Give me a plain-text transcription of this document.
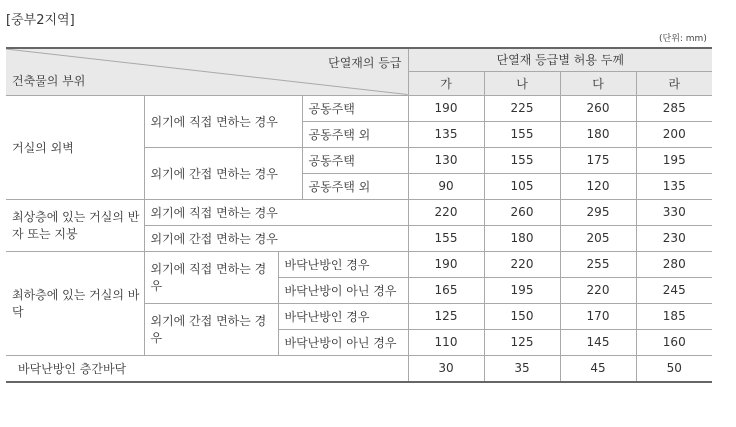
[중부2지역]
(단위: mm)
단열재의 등급
건축물의 부위				단열재 등급별 허용 두께			
				가	나	다	라
거실의 외벽	외기에 직접 면하는 경우		공동주택	190	225	260	285
			공동주택 외	135	155	180	200
	외기에 간접 면하는 경우		공동주택	130	155	175	195
			공동주택 외	90	105	120	135
최상층에 있는 거실의 반자 또는 지붕	외기에 직접 면하는 경우			220	260	295	330
	외기에 간접 면하는 경우			155	180	205	230
최하층에 있는 거실의 바닥	외기에 직접 면하는 경우	바닥난방인 경우		190	220	255	280
		바닥난방이 아닌 경우		165	195	220	245
	외기에 간접 면하는 경우	바닥난방인 경우		125	150	170	185
		바닥난방이 아닌 경우		110	125	145	160
바닥난방인 층간바닥				30	35	45	50
